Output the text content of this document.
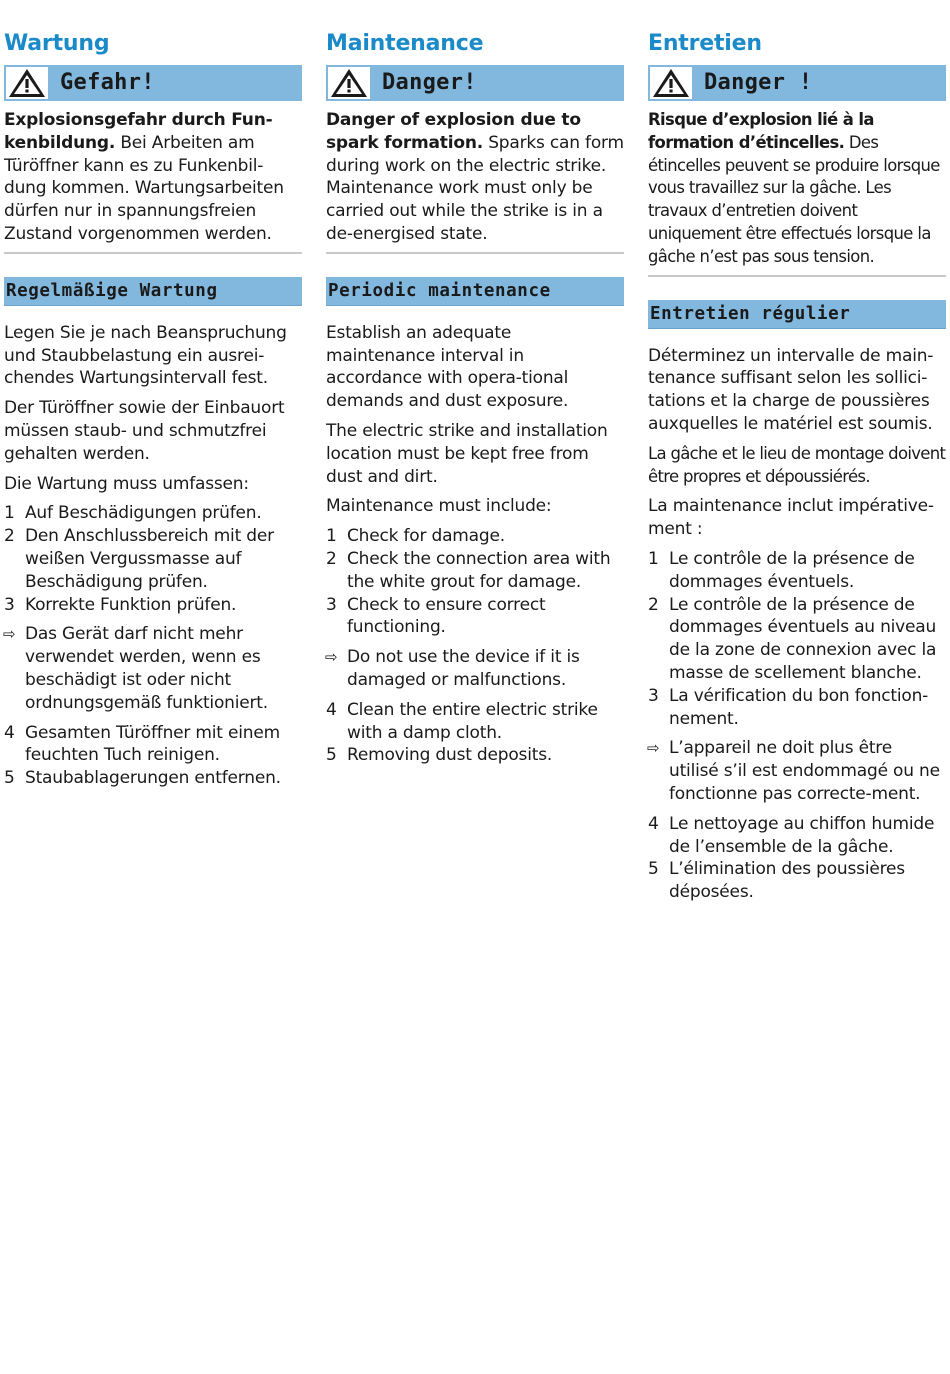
Wartung
Gefahr!

Explosionsgefahr durch Fun-kenbildung. Bei Arbeiten am Türöffner kann es zu Funkenbil-dung kommen. Wartungsarbeiten dürfen nur in spannungsfreien Zustand vorgenommen werden.

Regelmäßige Wartung

Legen Sie je nach Beanspruchung und Staubbelastung ein ausrei-chendes Wartungsintervall fest.

Der Türöffner sowie der Einbauort müssen staub- und schmutzfrei gehalten werden.

Die Wartung muss umfassen:

1 Auf Beschädigungen prüfen.
2 Den Anschlussbereich mit der weißen Vergussmasse auf Beschädigung prüfen.
3 Korrekte Funktion prüfen.

⇨ Das Gerät darf nicht mehr verwendet werden, wenn es beschädigt ist oder nicht ordnungsgemäß funktioniert.

4 Gesamten Türöffner mit einem feuchten Tuch reinigen.
5 Staubablagerungen entfernen.
Maintenance
Danger!

Danger of explosion due to spark formation. Sparks can form during work on the electric strike. Maintenance work must only be carried out while the strike is in a de-energised state.

Periodic maintenance

Establish an adequate maintenance interval in accordance with opera-tional demands and dust exposure.

The electric strike and installation location must be kept free from dust and dirt.

Maintenance must include:

1 Check for damage.
2 Check the connection area with the white grout for damage.
3 Check to ensure correct functioning.

⇨ Do not use the device if it is damaged or malfunctions.

4 Clean the entire electric strike with a damp cloth.
5 Removing dust deposits.
Entretien
Danger !

Risque d’explosion lié à la formation d’étincelles. Des étincelles peuvent se produire lorsque vous travaillez sur la gâche. Les travaux d’entretien doivent uniquement être effectués lorsque la gâche n’est pas sous tension.

Entretien régulier

Déterminez un intervalle de main-tenance suffisant selon les sollici-tations et la charge de poussières auxquelles le matériel est soumis.

La gâche et le lieu de montage doivent être propres et dépoussiérés.

La maintenance inclut impérative-ment :

1 Le contrôle de la présence de dommages éventuels.
2 Le contrôle de la présence de dommages éventuels au niveau de la zone de connexion avec la masse de scellement blanche.
3 La vérification du bon fonction-nement.

⇨ L’appareil ne doit plus être utilisé s’il est endommagé ou ne fonctionne pas correcte-ment.

4 Le nettoyage au chiffon humide de l’ensemble de la gâche.
5 L’élimination des poussières déposées.
